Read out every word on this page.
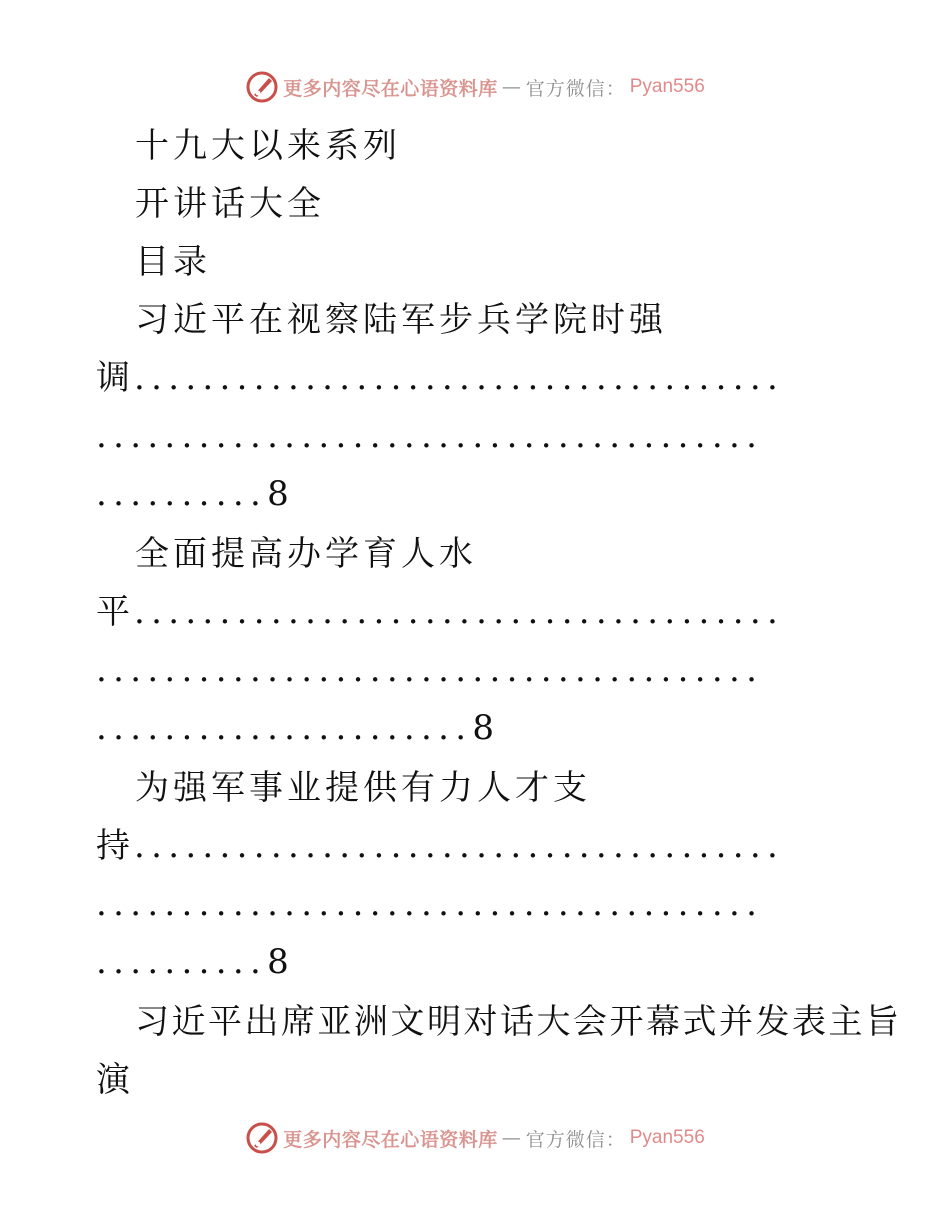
更多内容尽在心语资料库 — 官方微信： Pyan556
十九大以来系列
开讲话大全
目录
习近平在视察陆军步兵学院时强
调......................................
.......................................
..........8
全面提高办学育人水
平......................................
.......................................
......................8
为强军事业提供有力人才支
持......................................
.......................................
..........8
习近平出席亚洲文明对话大会开幕式并发表主旨
演
更多内容尽在心语资料库 — 官方微信： Pyan556
